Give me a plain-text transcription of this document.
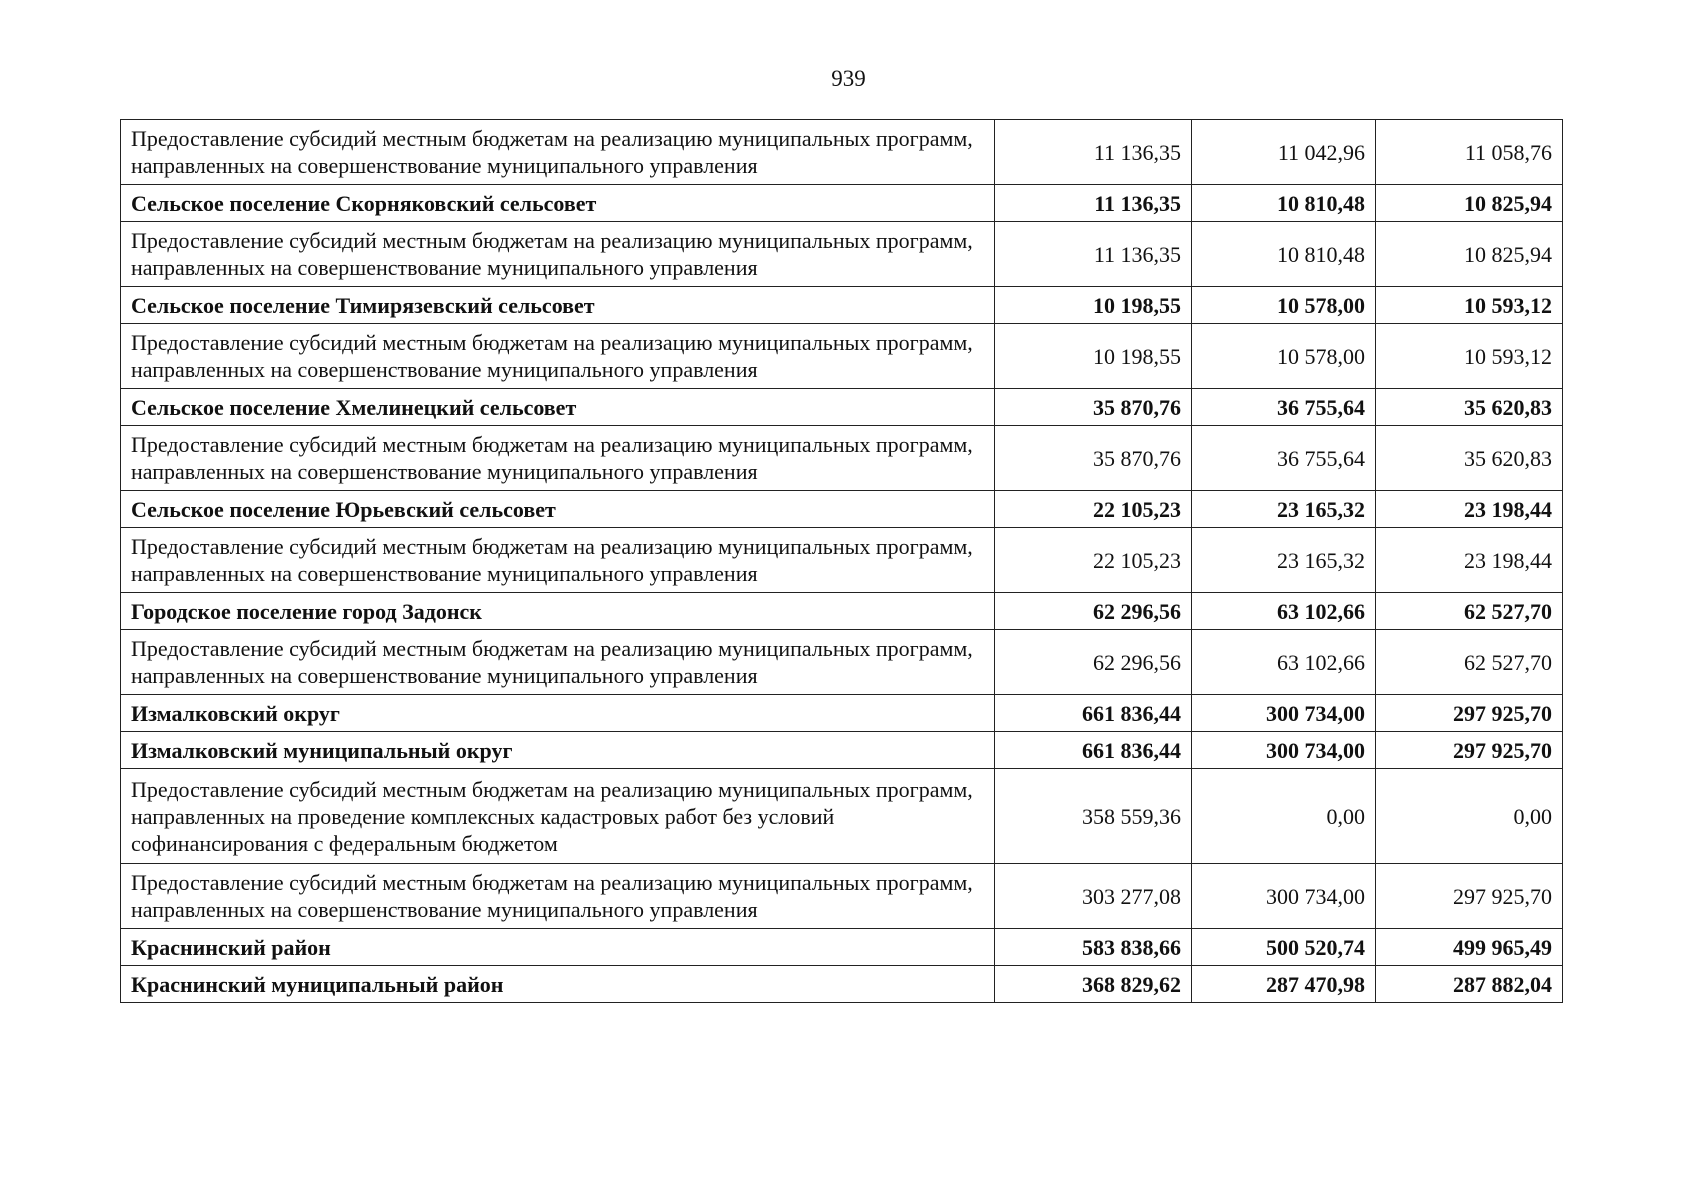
939
Предоставление субсидий местным бюджетам на реализацию муниципальных программ, направленных на совершенствование муниципального управления	11 136,35	11 042,96	11 058,76
Сельское поселение Скорняковский сельсовет	11 136,35	10 810,48	10 825,94
Предоставление субсидий местным бюджетам на реализацию муниципальных программ, направленных на совершенствование муниципального управления	11 136,35	10 810,48	10 825,94
Сельское поселение Тимирязевский сельсовет	10 198,55	10 578,00	10 593,12
Предоставление субсидий местным бюджетам на реализацию муниципальных программ, направленных на совершенствование муниципального управления	10 198,55	10 578,00	10 593,12
Сельское поселение Хмелинецкий сельсовет	35 870,76	36 755,64	35 620,83
Предоставление субсидий местным бюджетам на реализацию муниципальных программ, направленных на совершенствование муниципального управления	35 870,76	36 755,64	35 620,83
Сельское поселение Юрьевский сельсовет	22 105,23	23 165,32	23 198,44
Предоставление субсидий местным бюджетам на реализацию муниципальных программ, направленных на совершенствование муниципального управления	22 105,23	23 165,32	23 198,44
Городское поселение город Задонск	62 296,56	63 102,66	62 527,70
Предоставление субсидий местным бюджетам на реализацию муниципальных программ, направленных на совершенствование муниципального управления	62 296,56	63 102,66	62 527,70
Измалковский округ	661 836,44	300 734,00	297 925,70
Измалковский муниципальный округ	661 836,44	300 734,00	297 925,70
Предоставление субсидий местным бюджетам на реализацию муниципальных программ, направленных на проведение комплексных кадастровых работ без условий софинансирования с федеральным бюджетом	358 559,36	0,00	0,00
Предоставление субсидий местным бюджетам на реализацию муниципальных программ, направленных на совершенствование муниципального управления	303 277,08	300 734,00	297 925,70
Краснинский район	583 838,66	500 520,74	499 965,49
Краснинский муниципальный район	368 829,62	287 470,98	287 882,04
